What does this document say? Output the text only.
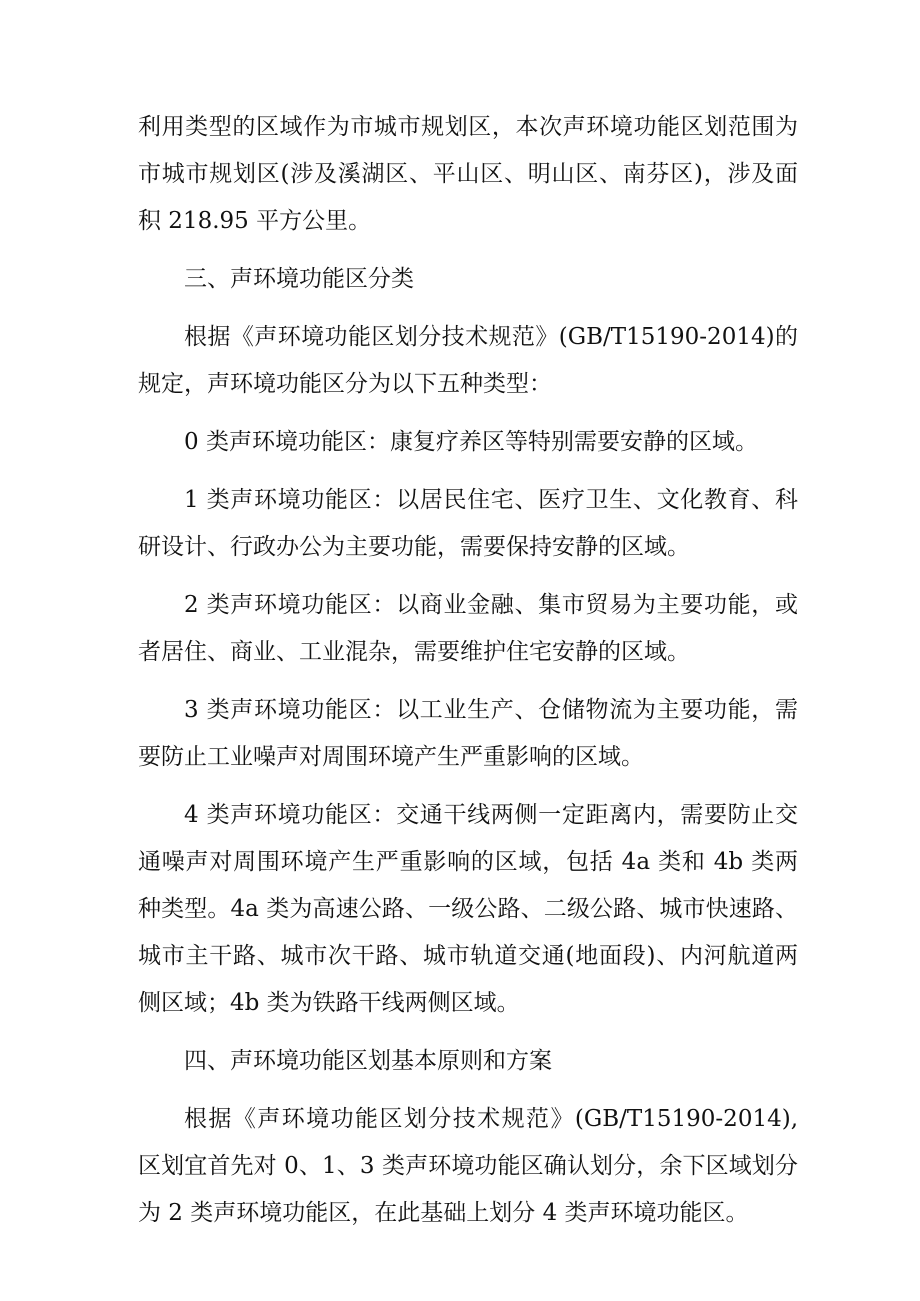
利用类型的区域作为市城市规划区，本次声环境功能区划范围为市城市规划区(涉及溪湖区、平山区、明山区、南芬区)，涉及面积 218.95 平方公里。

三、声环境功能区分类

根据《声环境功能区划分技术规范》(GB/T15190-2014)的规定，声环境功能区分为以下五种类型：

0 类声环境功能区：康复疗养区等特别需要安静的区域。

1 类声环境功能区：以居民住宅、医疗卫生、文化教育、科研设计、行政办公为主要功能，需要保持安静的区域。

2 类声环境功能区：以商业金融、集市贸易为主要功能，或者居住、商业、工业混杂，需要维护住宅安静的区域。

3 类声环境功能区：以工业生产、仓储物流为主要功能，需要防止工业噪声对周围环境产生严重影响的区域。

4 类声环境功能区：交通干线两侧一定距离内，需要防止交通噪声对周围环境产生严重影响的区域，包括 4a 类和 4b 类两种类型。4a 类为高速公路、一级公路、二级公路、城市快速路、城市主干路、城市次干路、城市轨道交通(地面段)、内河航道两侧区域；4b 类为铁路干线两侧区域。

四、声环境功能区划基本原则和方案

根据《声环境功能区划分技术规范》(GB/T15190-2014),区划宜首先对 0、1、3 类声环境功能区确认划分，余下区域划分为 2 类声环境功能区，在此基础上划分 4 类声环境功能区。
